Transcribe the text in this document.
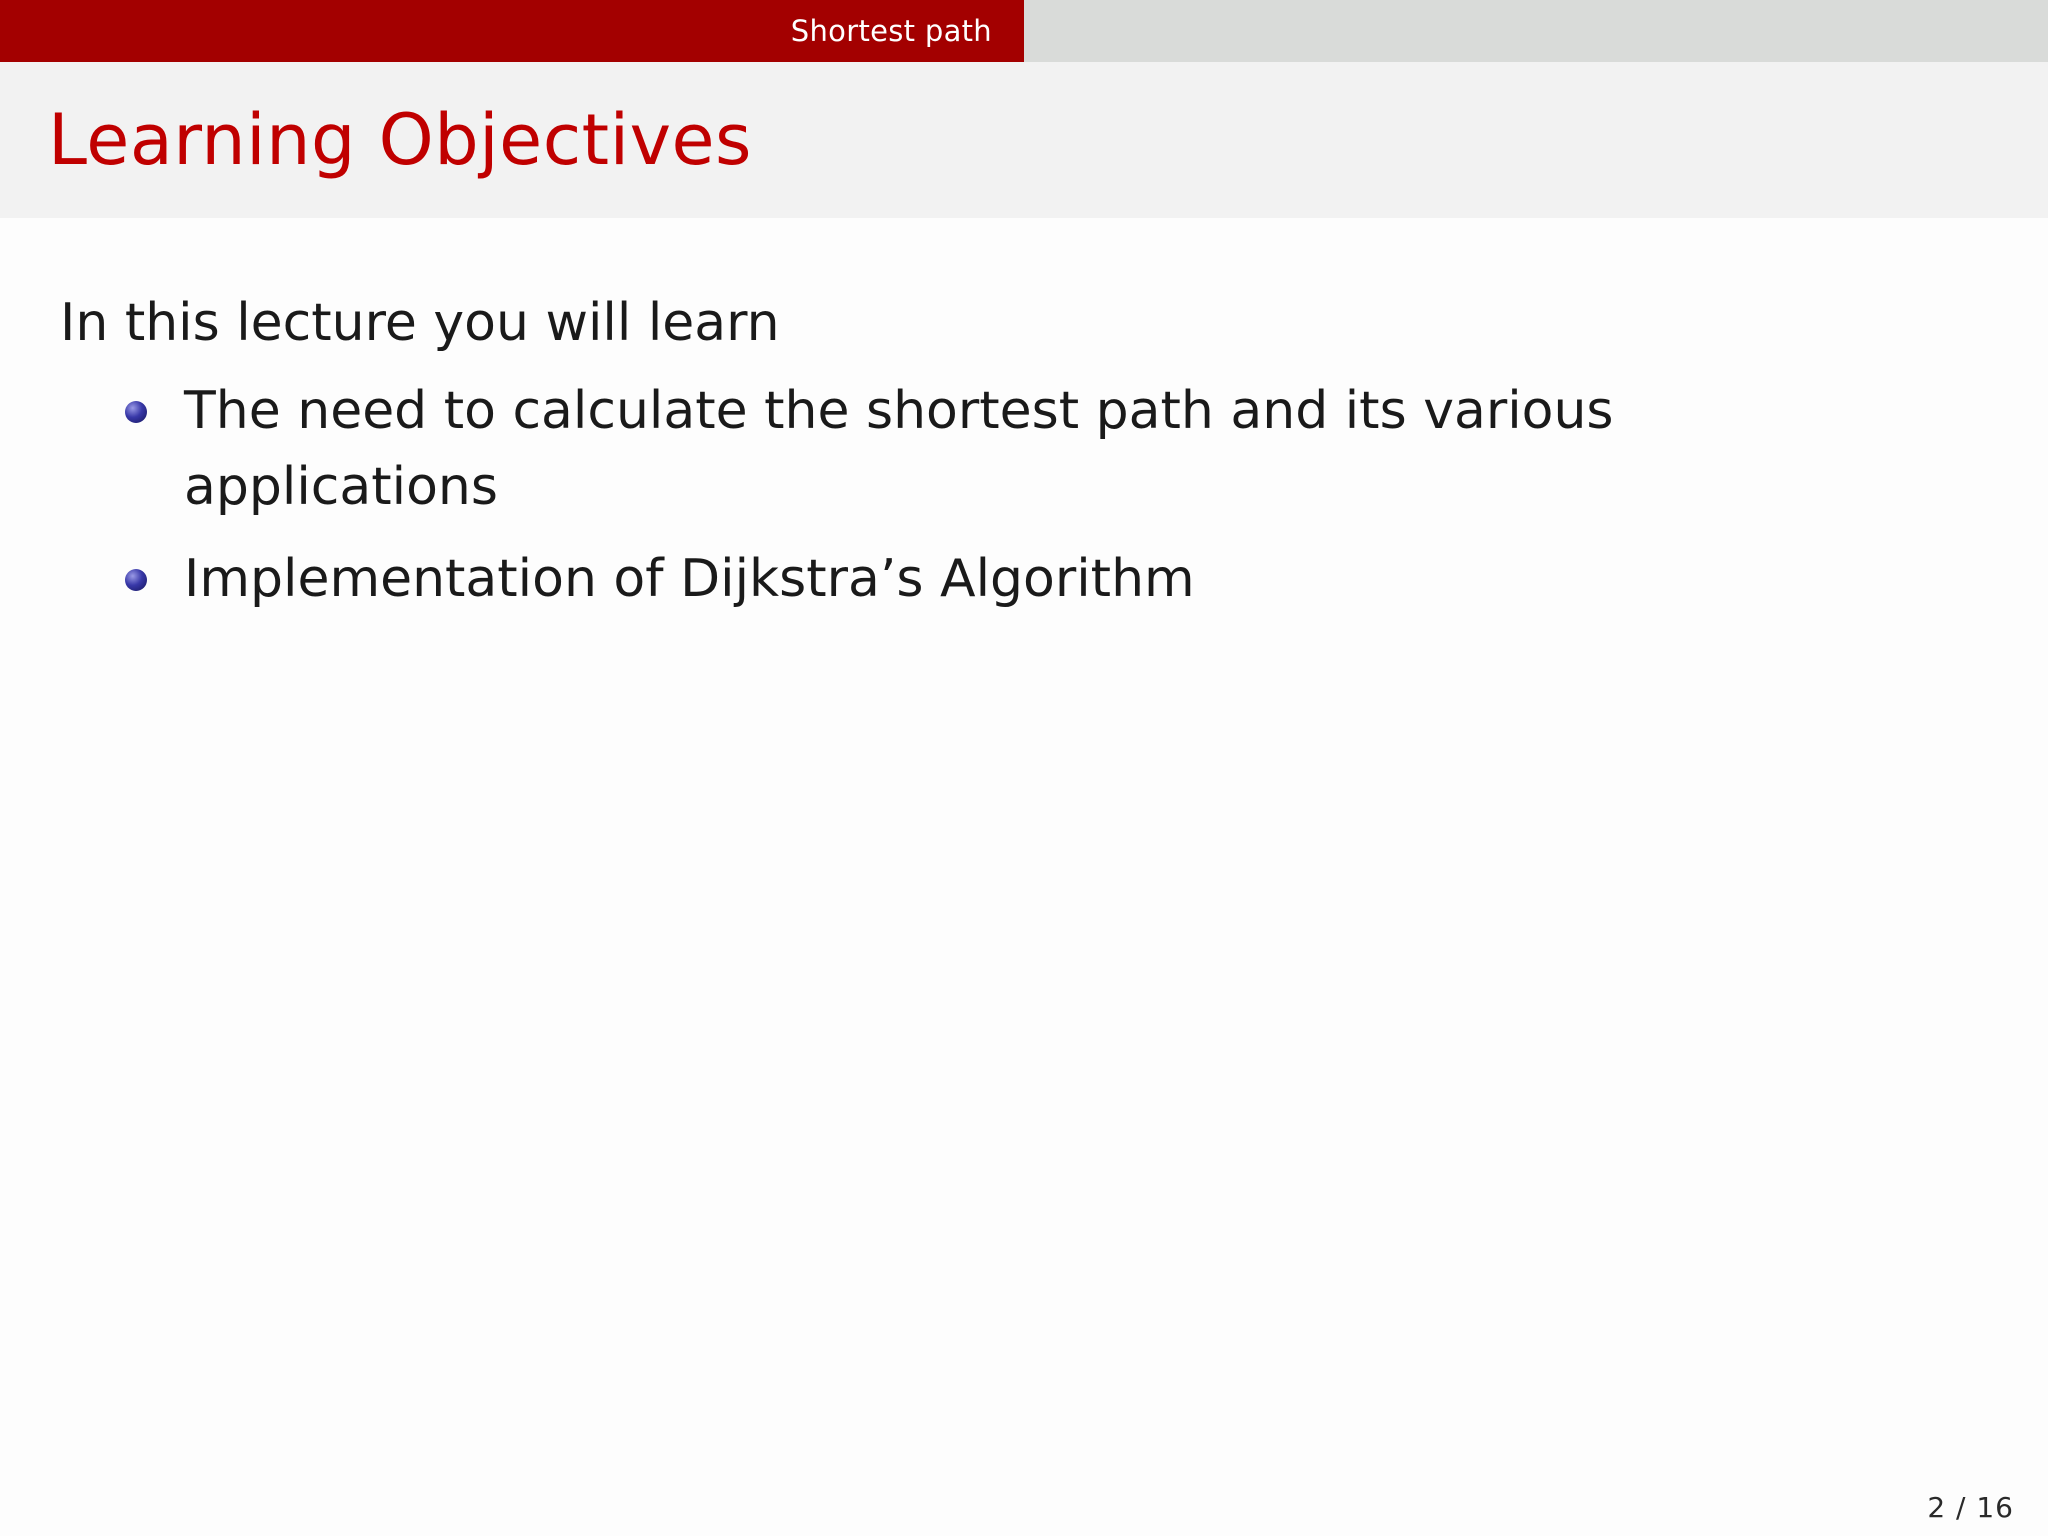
Shortest path
Learning Objectives

In this lecture you will learn

The need to calculate the shortest path and its various applications
Implementation of Dijkstra’s Algorithm
2 / 16
